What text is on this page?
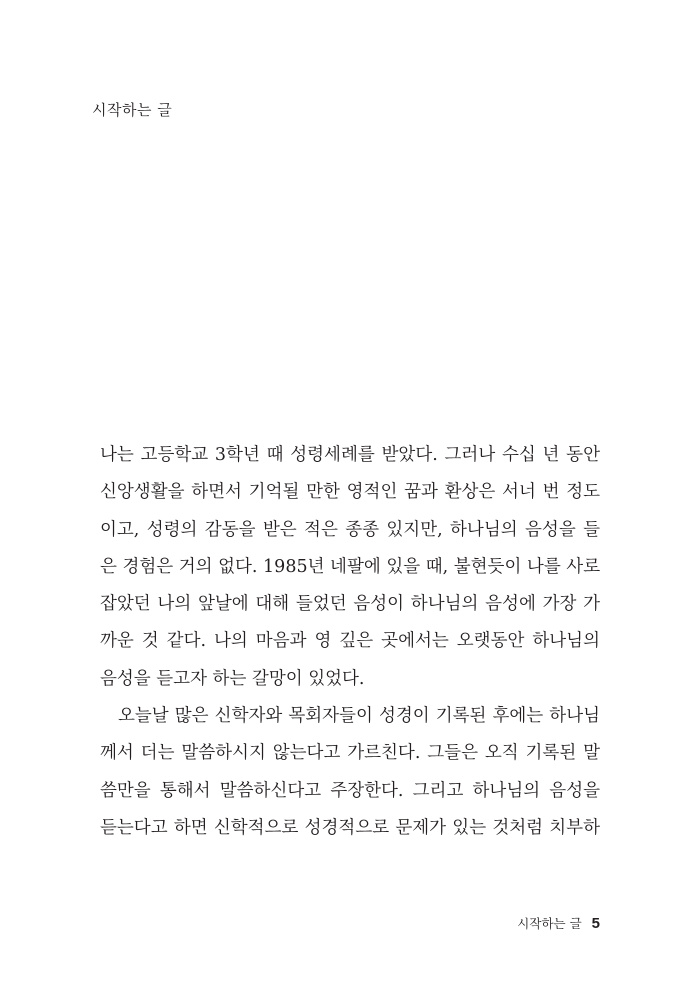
시작하는 글
나는 고등학교 3학년 때 성령세례를 받았다. 그러나 수십 년 동안
신앙생활을 하면서 기억될 만한 영적인 꿈과 환상은 서너 번 정도
이고, 성령의 감동을 받은 적은 종종 있지만, 하나님의 음성을 들
은 경험은 거의 없다. 1985년 네팔에 있을 때, 불현듯이 나를 사로
잡았던 나의 앞날에 대해 들었던 음성이 하나님의 음성에 가장 가
까운 것 같다. 나의 마음과 영 깊은 곳에서는 오랫동안 하나님의
음성을 듣고자 하는 갈망이 있었다.
오늘날 많은 신학자와 목회자들이 성경이 기록된 후에는 하나님
께서 더는 말씀하시지 않는다고 가르친다. 그들은 오직 기록된 말
씀만을 통해서 말씀하신다고 주장한다. 그리고 하나님의 음성을
듣는다고 하면 신학적으로 성경적으로 문제가 있는 것처럼 치부하
시작하는 글 5
